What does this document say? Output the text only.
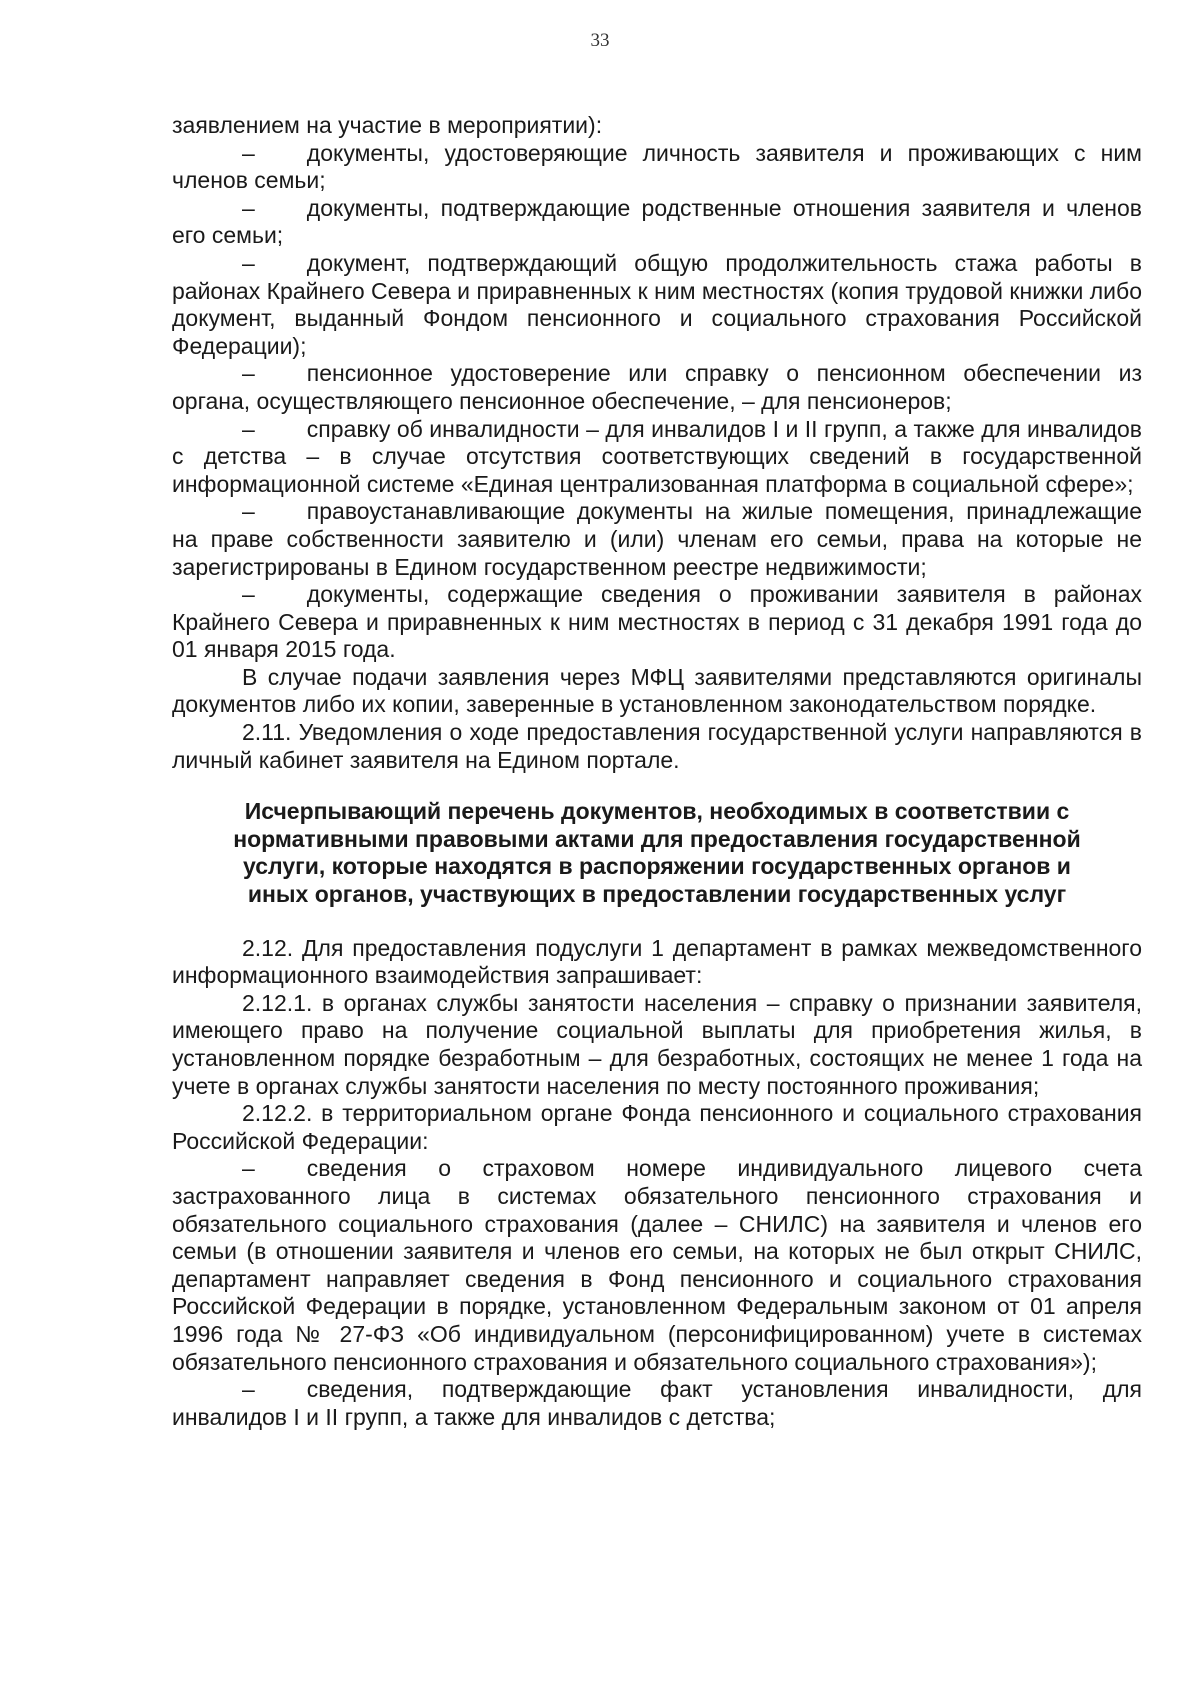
33

заявлением на участие в мероприятии):

– документы, удостоверяющие личность заявителя и проживающих с ним членов семьи;

– документы, подтверждающие родственные отношения заявителя и членов его семьи;

– документ, подтверждающий общую продолжительность стажа работы в районах Крайнего Севера и приравненных к ним местностях (копия трудовой книжки либо документ, выданный Фондом пенсионного и социального страхования Российской Федерации);

– пенсионное удостоверение или справку о пенсионном обеспечении из органа, осуществляющего пенсионное обеспечение, – для пенсионеров;

– справку об инвалидности – для инвалидов I и II групп, а также для инвалидов с детства – в случае отсутствия соответствующих сведений в государственной информационной системе «Единая централизованная платформа в социальной сфере»;

– правоустанавливающие документы на жилые помещения, принадлежащие на праве собственности заявителю и (или) членам его семьи, права на которые не зарегистрированы в Едином государственном реестре недвижимости;

– документы, содержащие сведения о проживании заявителя в районах Крайнего Севера и приравненных к ним местностях в период с 31 декабря 1991 года до 01 января 2015 года.

В случае подачи заявления через МФЦ заявителями представляются оригиналы документов либо их копии, заверенные в установленном законодательством порядке.

2.11. Уведомления о ходе предоставления государственной услуги направляются в личный кабинет заявителя на Едином портале.

Исчерпывающий перечень документов, необходимых в соответствии с нормативными правовыми актами для предоставления государственной услуги, которые находятся в распоряжении государственных органов и иных органов, участвующих в предоставлении государственных услуг

2.12. Для предоставления подуслуги 1 департамент в рамках межведомственного информационного взаимодействия запрашивает:

2.12.1. в органах службы занятости населения – справку о признании заявителя, имеющего право на получение социальной выплаты для приобретения жилья, в установленном порядке безработным – для безработных, состоящих не менее 1 года на учете в органах службы занятости населения по месту постоянного проживания;

2.12.2. в территориальном органе Фонда пенсионного и социального страхования Российской Федерации:

– сведения о страховом номере индивидуального лицевого счета застрахованного лица в системах обязательного пенсионного страхования и обязательного социального страхования (далее – СНИЛС) на заявителя и членов его семьи (в отношении заявителя и членов его семьи, на которых не был открыт СНИЛС, департамент направляет сведения в Фонд пенсионного и социального страхования Российской Федерации в порядке, установленном Федеральным законом от 01 апреля 1996 года № 27-ФЗ «Об индивидуальном (персонифицированном) учете в системах обязательного пенсионного страхования и обязательного социального страхования»);

– сведения, подтверждающие факт установления инвалидности, для инвалидов I и II групп, а также для инвалидов с детства;
